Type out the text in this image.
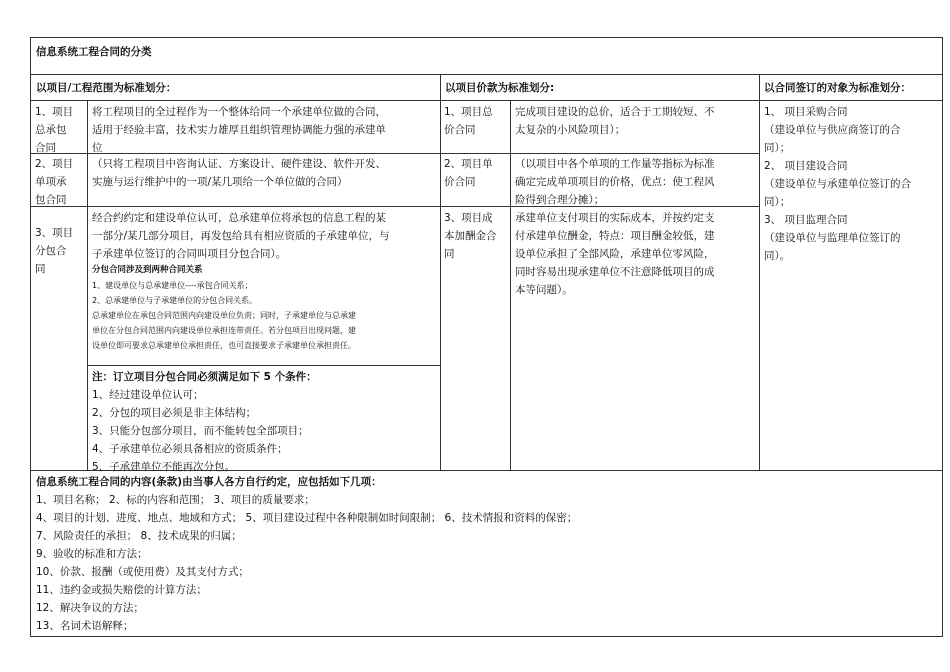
信息系统工程合同的分类
以项目/工程范围为标准划分：	以项目价款为标准划分:	以合同签订的对象为标准划分：
1、项目
总承包
合同
将工程项目的全过程作为一个整体给同一个承建单位做的合同，
适用于经验丰富，技术实力雄厚且组织管理协调能力强的承建单
位
2、项目
单项承
包合同
（只将工程项目中咨询认证、方案设计、硬件建设、软件开发、
实施与运行维护中的一项/某几项给一个单位做的合同）
3、项目
分包合
同
经合约约定和建设单位认可，总承建单位将承包的信息工程的某
一部分/某几部分项目，再发包给具有相应资质的子承建单位，与
子承建单位签订的合同叫项目分包合同）。
分包合同涉及到两种合同关系
1、建设单位与总承建单位----承包合同关系；
2、总承建单位与子承建单位的分包合同关系。
总承建单位在承包合同范围内向建设单位负责；同时，子承建单位与总承建
单位在分包合同范围内向建设单位承担连带责任。若分包项目出现问题，建
设单位即可要求总承建单位承担责任，也可直接要求子承建单位承担责任。
注：订立项目分包合同必须满足如下 5 个条件：
1、经过建设单位认可；
2、分包的项目必须是非主体结构；
3、只能分包部分项目，而不能转包全部项目；
4、子承建单位必须具备相应的资质条件；
5、子承建单位不能再次分包。
1、项目总
价合同
完成项目建设的总价，适合于工期较短、不
太复杂的小风险项目）；
2、项目单
价合同
（以项目中各个单项的工作量等指标为标准
确定完成单项项目的价格，优点：使工程风
险得到合理分摊）；
3、项目成
本加酬金合
同
承建单位支付项目的实际成本，并按约定支
付承建单位酬金，特点：项目酬金较低，建
设单位承担了全部风险，承建单位零风险，
同时容易出现承建单位不注意降低项目的成
本等问题）。
1、 项目采购合同
（建设单位与供应商签订的合
同）；
2、 项目建设合同
（建设单位与承建单位签订的合
同）；
3、 项目监理合同
（建设单位与监理单位签订的
同）。
信息系统工程合同的内容(条款)由当事人各方自行约定，应包括如下几项：
1、项目名称； 2、标的内容和范围； 3、项目的质量要求；
4、项目的计划、进度、地点、地域和方式； 5、项目建设过程中各种限制如时间限制； 6、技术情报和资料的保密；
7、风险责任的承担； 8、技术成果的归属；
9、验收的标准和方法；
10、价款、报酬（或使用费）及其支付方式；
11、违约金或损失赔偿的计算方法；
12、解决争议的方法；
13、名词术语解释；
